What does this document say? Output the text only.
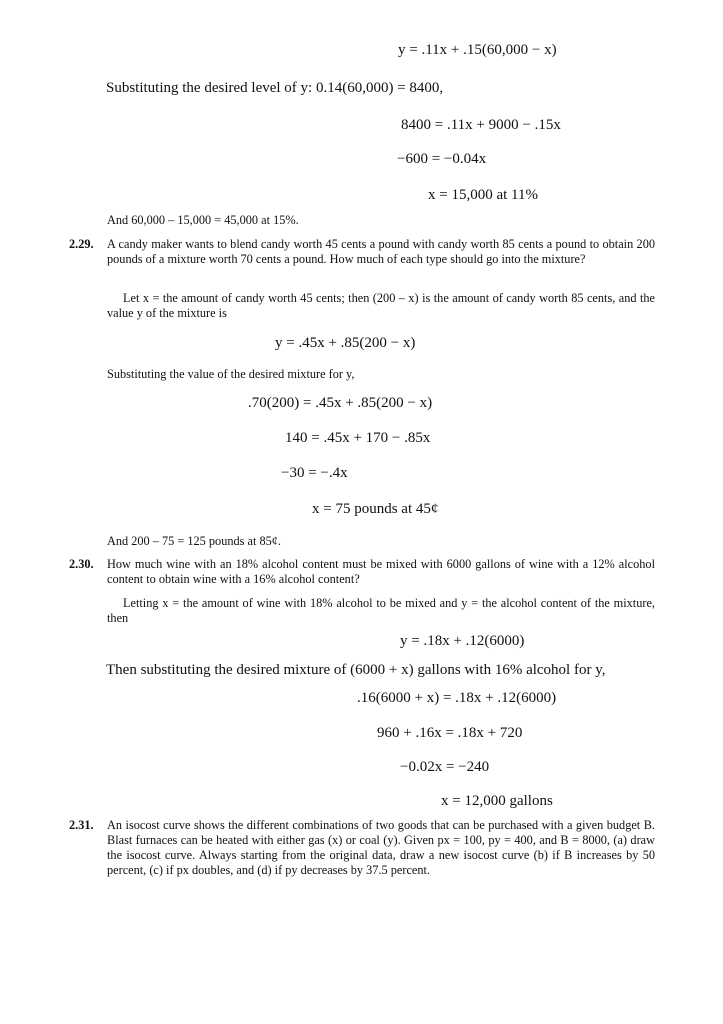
y = .11x + .15(60,000 − x)
Substituting the desired level of y: 0.14(60,000) = 8400,
8400 = .11x + 9000 − .15x
−600 = −0.04x
x = 15,000 at 11%
And 60,000 – 15,000 = 45,000 at 15%.
2.29. A candy maker wants to blend candy worth 45 cents a pound with candy worth 85 cents a pound to obtain 200 pounds of a mixture worth 70 cents a pound. How much of each type should go into the mixture?
Let x = the amount of candy worth 45 cents; then (200 – x) is the amount of candy worth 85 cents, and the value y of the mixture is
y = .45x + .85(200 − x)
Substituting the value of the desired mixture for y,
.70(200) = .45x + .85(200 − x)
140 = .45x + 170 − .85x
−30 = −.4x
x = 75 pounds at 45¢
And 200 – 75 = 125 pounds at 85¢.
2.30. How much wine with an 18% alcohol content must be mixed with 6000 gallons of wine with a 12% alcohol content to obtain wine with a 16% alcohol content?
Letting x = the amount of wine with 18% alcohol to be mixed and y = the alcohol content of the mixture, then
y = .18x + .12(6000)
Then substituting the desired mixture of (6000 + x) gallons with 16% alcohol for y,
.16(6000 + x) = .18x + .12(6000)
960 + .16x = .18x + 720
−0.02x = −240
x = 12,000 gallons
2.31. An isocost curve shows the different combinations of two goods that can be purchased with a given budget B. Blast furnaces can be heated with either gas (x) or coal (y). Given px = 100, py = 400, and B = 8000, (a) draw the isocost curve. Always starting from the original data, draw a new isocost curve (b) if B increases by 50 percent, (c) if px doubles, and (d) if py decreases by 37.5 percent.
